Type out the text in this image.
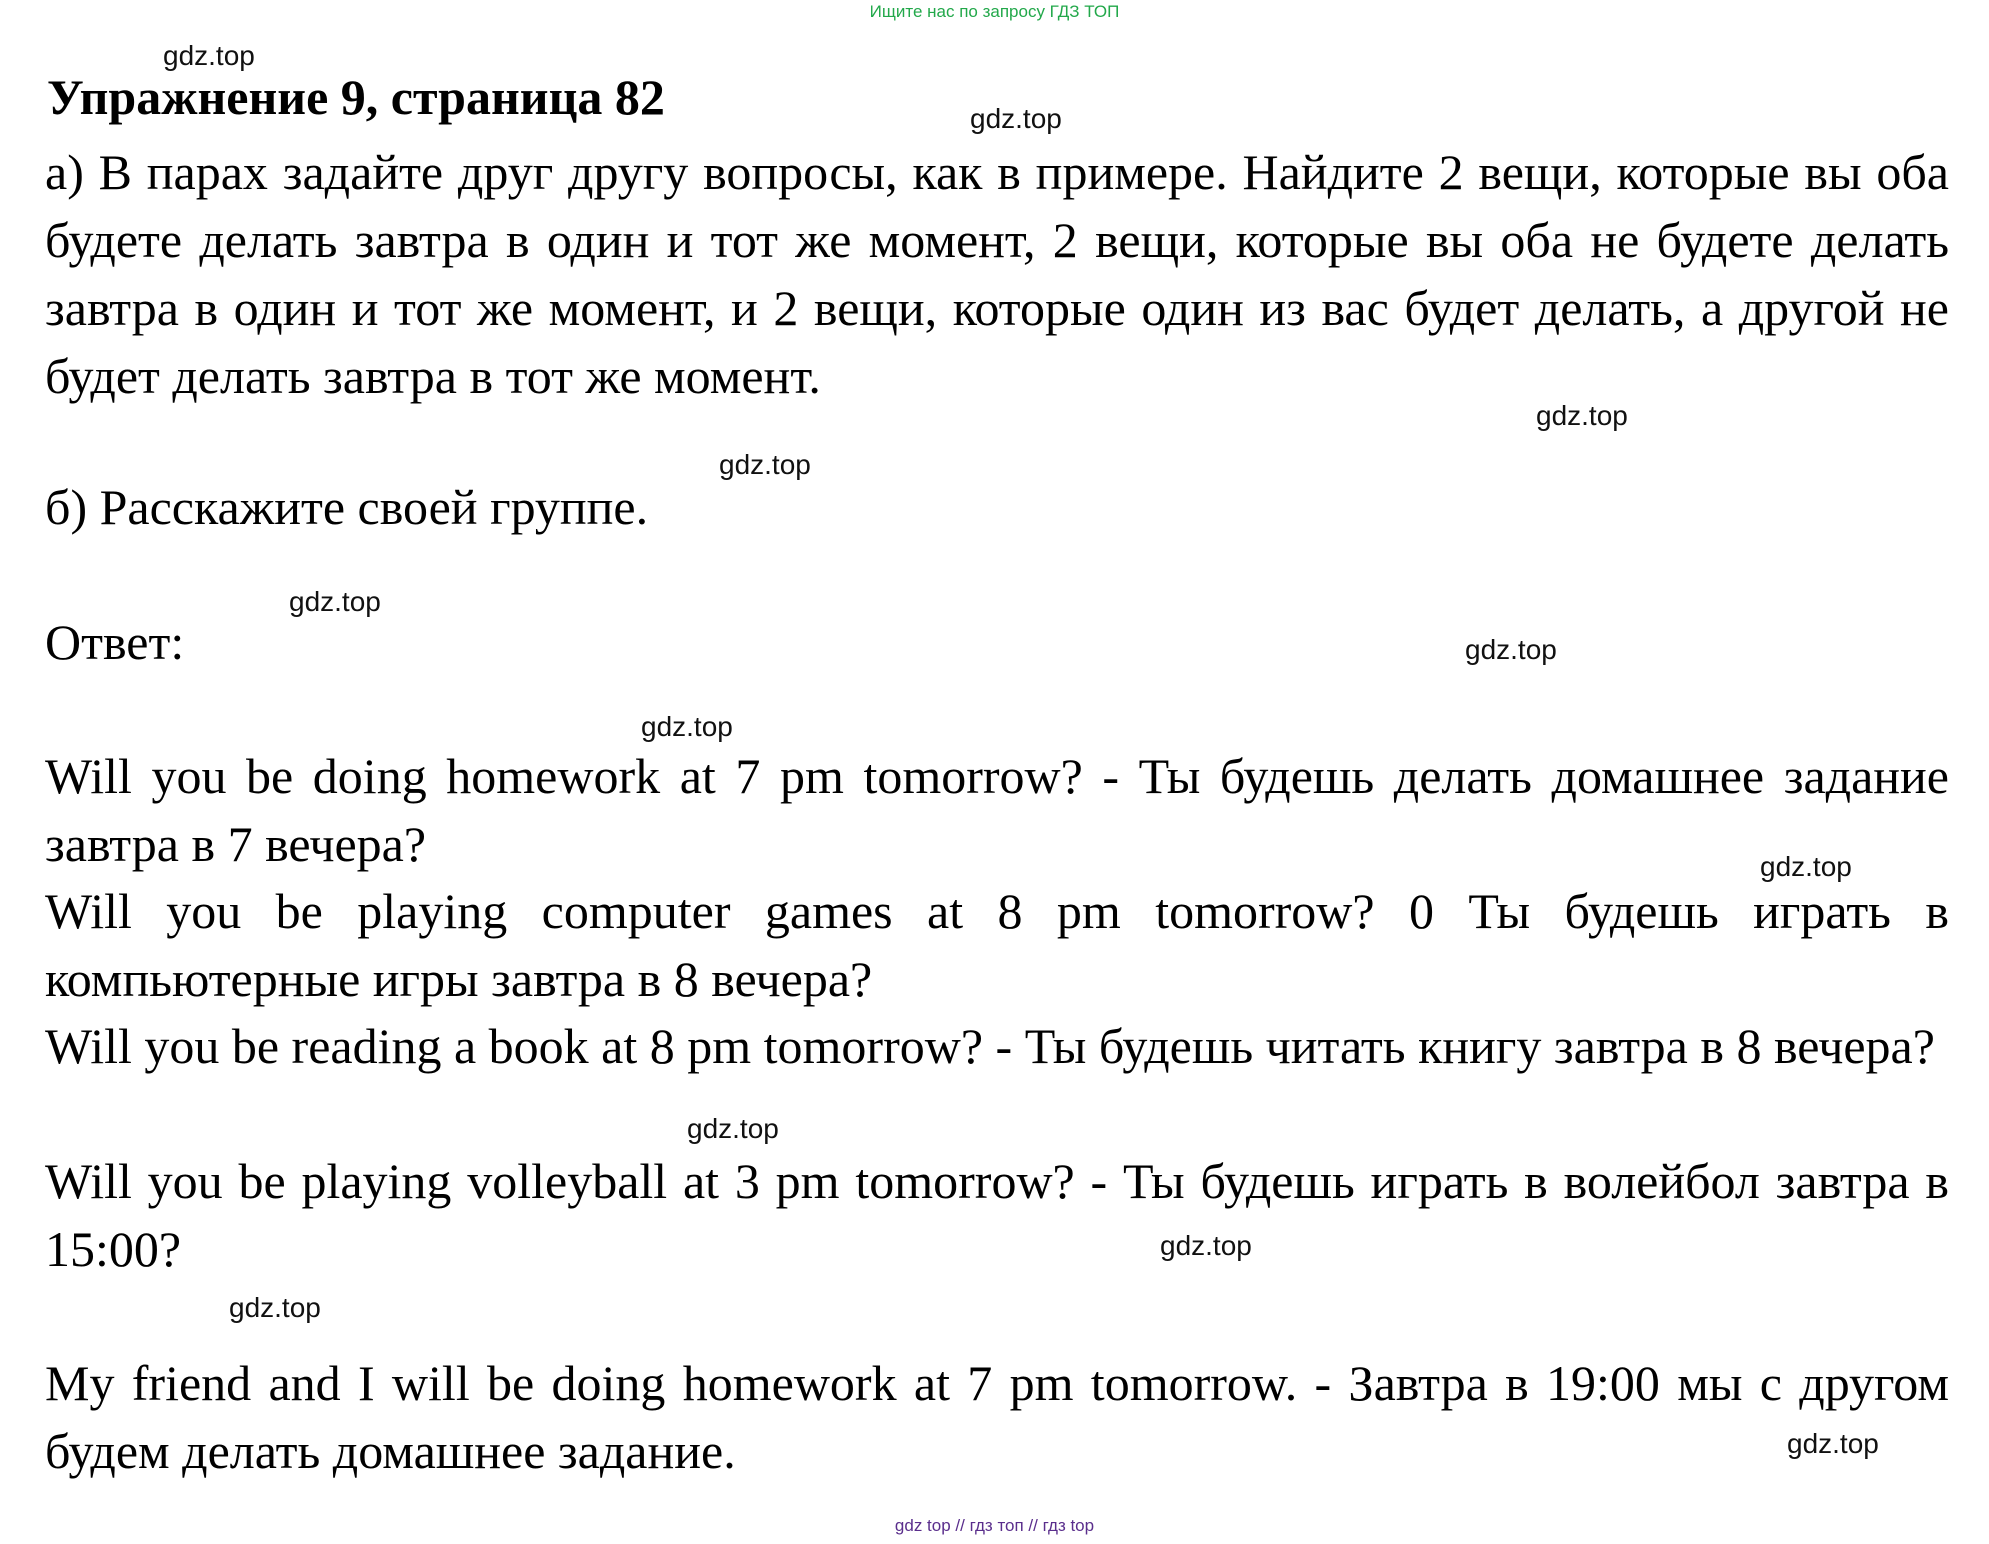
Ищите нас по запросу ГДЗ ТОП
gdz.top
Упражнение 9, страница 82	gdz.top

а) В парах задайте друг другу вопросы, как в примере. Найдите 2 вещи, которые вы оба будете делать завтра в один и тот же момент, 2 вещи, которые вы оба не будете делать завтра в один и тот же момент, и 2 вещи, которые один из вас будет делать, а другой не будет делать завтра в тот же момент.

gdz.top
gdz.top

б) Расскажите своей группе.

gdz.top

Ответ:	gdz.top
gdz.top

Will you be doing homework at 7 pm tomorrow? - Ты будешь делать домашнее задание завтра в 7 вечера?	gdz.top

Will you be playing computer games at 8 pm tomorrow? 0 Ты будешь играть в компьютерные игры завтра в 8 вечера?

Will you be reading a book at 8 pm tomorrow? - Ты будешь читать книгу завтра в 8 вечера?

gdz.top

Will you be playing volleyball at 3 pm tomorrow? - Ты будешь играть в волейбол завтра в 15:00?	gdz.top
gdz.top

My friend and I will be doing homework at 7 pm tomorrow. - Завтра в 19:00 мы с другом будем делать домашнее задание.	gdz.top
gdz top // гдз топ // гдз top
